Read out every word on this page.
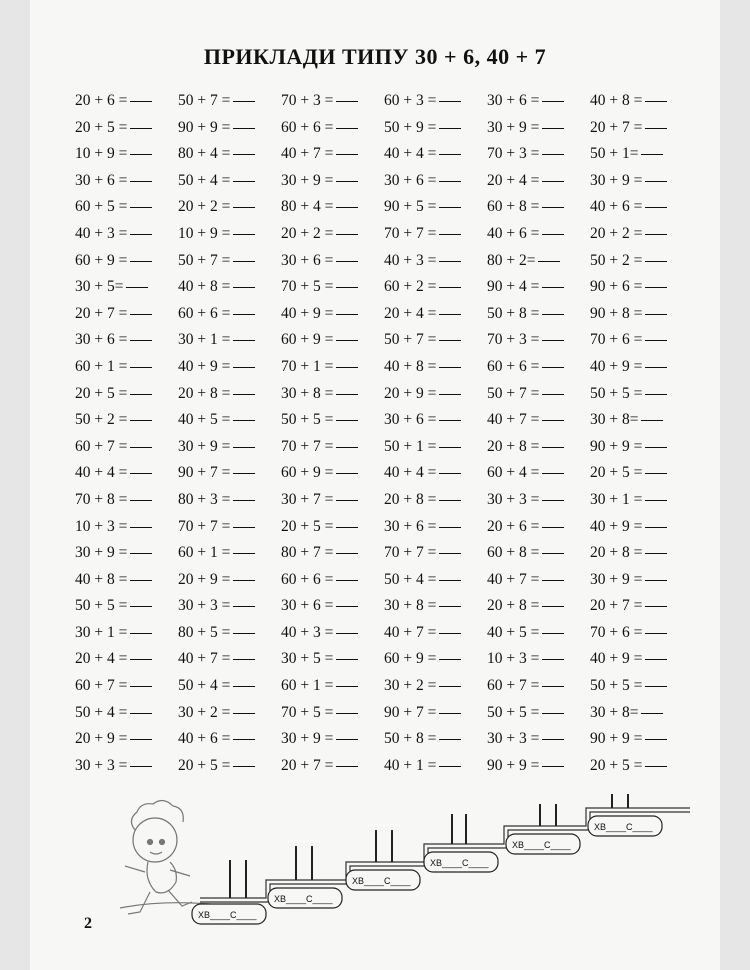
ПРИКЛАДИ ТИПУ 30 + 6, 40 + 7
20 + 6 =	50 + 7 =	70 + 3 =	60 + 3 =	30 + 6 =	40 + 8 =
20 + 5 =	90 + 9 =	60 + 6 =	50 + 9 =	30 + 9 =	20 + 7 =
10 + 9 =	80 + 4 =	40 + 7 =	40 + 4 =	70 + 3 =	50 + 1=
30 + 6 =	50 + 4 =	30 + 9 =	30 + 6 =	20 + 4 =	30 + 9 =
60 + 5 =	20 + 2 =	80 + 4 =	90 + 5 =	60 + 8 =	40 + 6 =
40 + 3 =	10 + 9 =	20 + 2 =	70 + 7 =	40 + 6 =	20 + 2 =
60 + 9 =	50 + 7 =	30 + 6 =	40 + 3 =	80 + 2=	50 + 2 =
30 + 5=	40 + 8 =	70 + 5 =	60 + 2 =	90 + 4 =	90 + 6 =
20 + 7 =	60 + 6 =	40 + 9 =	20 + 4 =	50 + 8 =	90 + 8 =
30 + 6 =	30 + 1 =	60 + 9 =	50 + 7 =	70 + 3 =	70 + 6 =
60 + 1 =	40 + 9 =	70 + 1 =	40 + 8 =	60 + 6 =	40 + 9 =
20 + 5 =	20 + 8 =	30 + 8 =	20 + 9 =	50 + 7 =	50 + 5 =
50 + 2 =	40 + 5 =	50 + 5 =	30 + 6 =	40 + 7 =	30 + 8=
60 + 7 =	30 + 9 =	70 + 7 =	50 + 1 =	20 + 8 =	90 + 9 =
40 + 4 =	90 + 7 =	60 + 9 =	40 + 4 =	60 + 4 =	20 + 5 =
70 + 8 =	80 + 3 =	30 + 7 =	20 + 8 =	30 + 3 =	30 + 1 =
10 + 3 =	70 + 7 =	20 + 5 =	30 + 6 =	20 + 6 =	40 + 9 =
30 + 9 =	60 + 1 =	80 + 7 =	70 + 7 =	60 + 8 =	20 + 8 =
40 + 8 =	20 + 9 =	60 + 6 =	50 + 4 =	40 + 7 =	30 + 9 =
50 + 5 =	30 + 3 =	30 + 6 =	30 + 8 =	20 + 8 =	20 + 7 =
30 + 1 =	80 + 5 =	40 + 3 =	40 + 7 =	40 + 5 =	70 + 6 =
20 + 4 =	40 + 7 =	30 + 5 =	60 + 9 =	10 + 3 =	40 + 9 =
60 + 7 =	50 + 4 =	60 + 1 =	30 + 2 =	60 + 7 =	50 + 5 =
50 + 4 =	30 + 2 =	70 + 5 =	90 + 7 =	50 + 5 =	30 + 8=
20 + 9 =	40 + 6 =	30 + 9 =	50 + 8 =	30 + 3 =	90 + 9 =
30 + 3 =	20 + 5 =	20 + 7 =	40 + 1 =	90 + 9 =	20 + 5 =
ХВ____С____
ХВ____С____
ХВ____С____
ХВ____С____
ХВ____С____
ХВ____С____
2
